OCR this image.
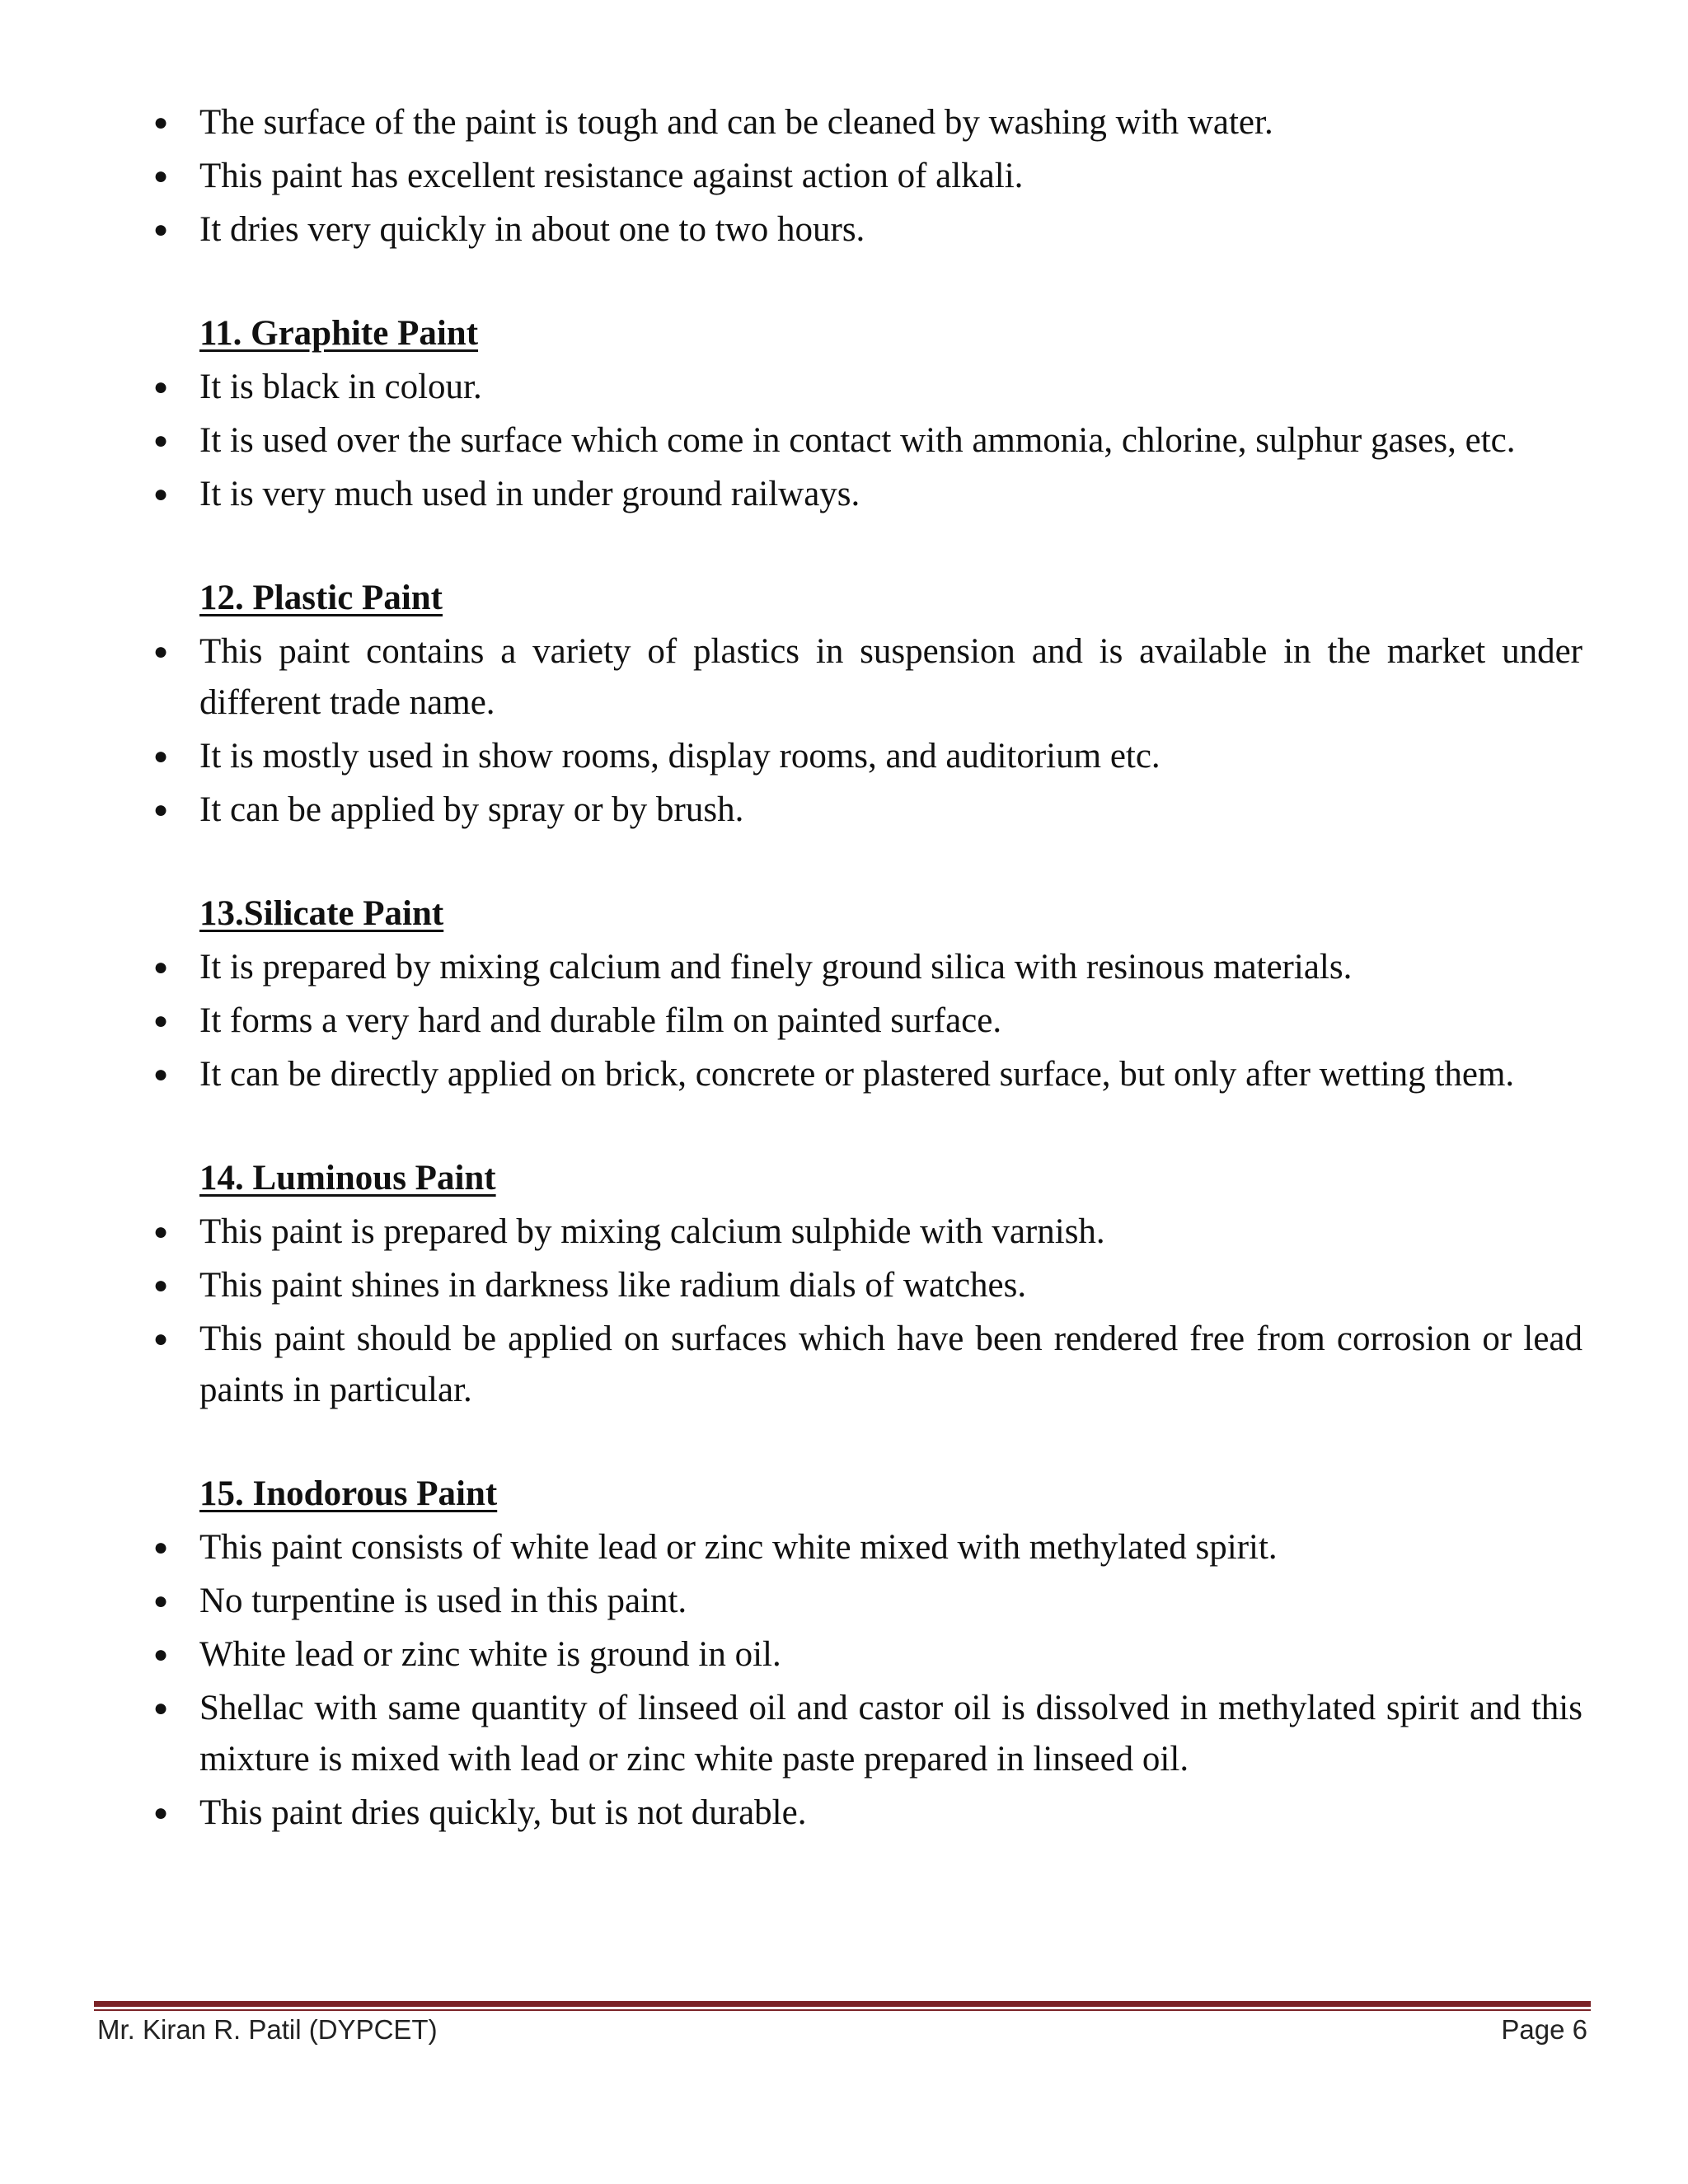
● The surface of the paint is tough and can be cleaned by washing with water.
● This paint has excellent resistance against action of alkali.
● It dries very quickly in about one to two hours.
11. Graphite Paint
● It is black in colour.
● It is used over the surface which come in contact with ammonia, chlorine, sulphur gases, etc.
● It is very much used in under ground railways.
12. Plastic Paint
● This paint contains a variety of plastics in suspension and is available in the market under different trade name.
● It is mostly used in show rooms, display rooms, and auditorium etc.
● It can be applied by spray or by brush.
13.Silicate Paint
● It is prepared by mixing calcium and finely ground silica with resinous materials.
● It forms a very hard and durable film on painted surface.
● It can be directly applied on brick, concrete or plastered surface, but only after wetting them.
14. Luminous Paint
● This paint is prepared by mixing calcium sulphide with varnish.
● This paint shines in darkness like radium dials of watches.
● This paint should be applied on surfaces which have been rendered free from corrosion or lead paints in particular.
15. Inodorous Paint
● This paint consists of white lead or zinc white mixed with methylated spirit.
● No turpentine is used in this paint.
● White lead or zinc white is ground in oil.
● Shellac with same quantity of linseed oil and castor oil is dissolved in methylated spirit and this mixture is mixed with lead or zinc white paste prepared in linseed oil.
● This paint dries quickly, but is not durable.
Mr. Kiran R. Patil (DYPCET)	Page 6
